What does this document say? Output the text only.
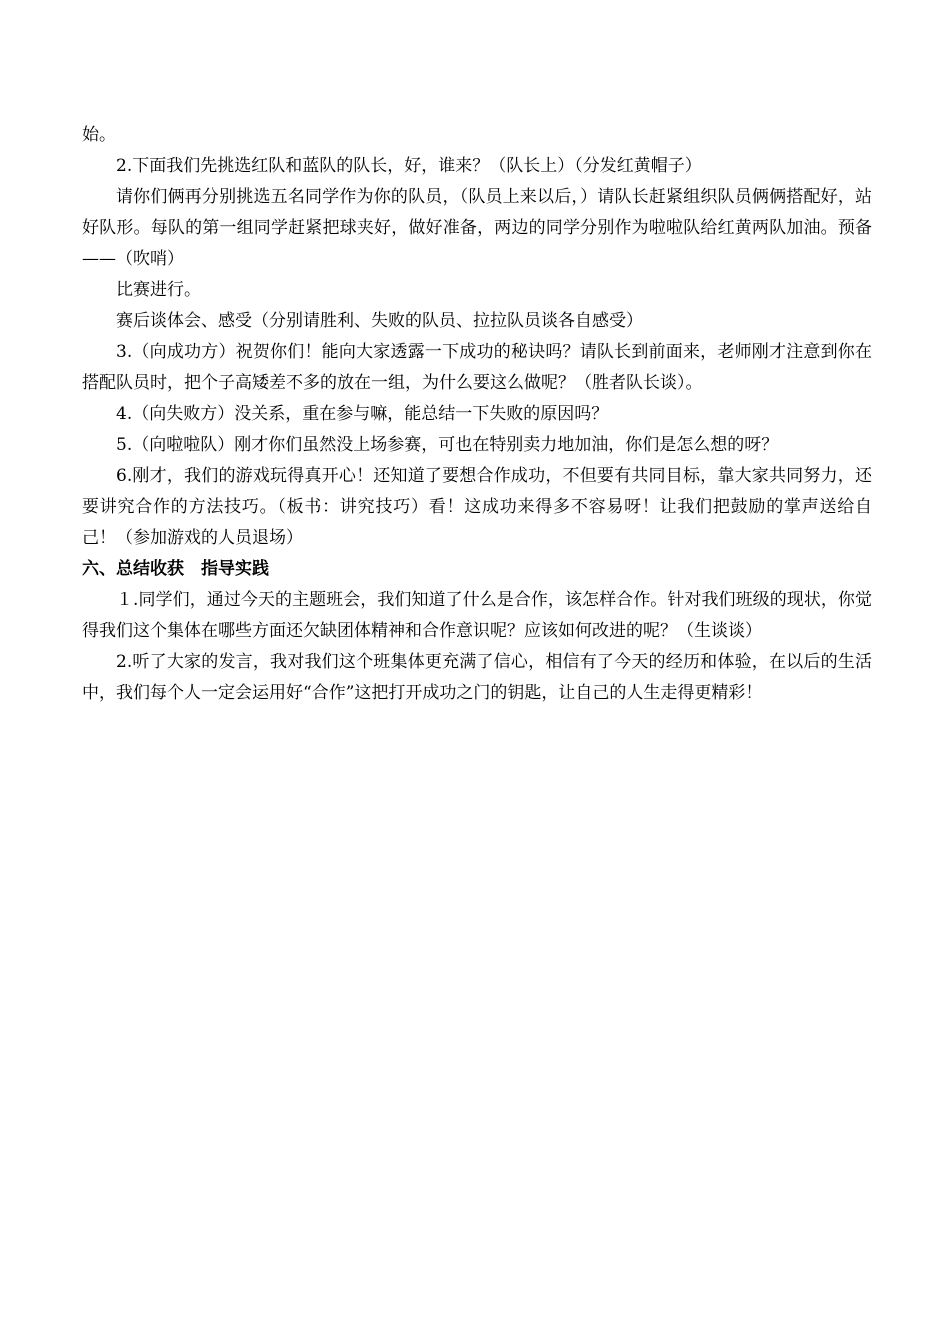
始。

2.下面我们先挑选红队和蓝队的队长，好，谁来？（队长上）（分发红黄帽子）

请你们俩再分别挑选五名同学作为你的队员，（队员上来以后，）请队长赶紧组织队员俩俩搭配好，站好队形。每队的第一组同学赶紧把球夹好，做好准备，两边的同学分别作为啦啦队给红黄两队加油。预备——（吹哨）

比赛进行。

赛后谈体会、感受（分别请胜利、失败的队员、拉拉队员谈各自感受）

3.（向成功方）祝贺你们！能向大家透露一下成功的秘诀吗？请队长到前面来，老师刚才注意到你在搭配队员时，把个子高矮差不多的放在一组，为什么要这么做呢？（胜者队长谈）。

4.（向失败方）没关系，重在参与嘛，能总结一下失败的原因吗？

5.（向啦啦队）刚才你们虽然没上场参赛，可也在特别卖力地加油，你们是怎么想的呀？

6.刚才，我们的游戏玩得真开心！还知道了要想合作成功，不但要有共同目标，靠大家共同努力，还要讲究合作的方法技巧。（板书：讲究技巧）看！这成功来得多不容易呀！让我们把鼓励的掌声送给自己！（参加游戏的人员退场）

六、总结收获　指导实践

１.同学们，通过今天的主题班会，我们知道了什么是合作，该怎样合作。针对我们班级的现状，你觉得我们这个集体在哪些方面还欠缺团体精神和合作意识呢？应该如何改进的呢？（生谈谈）

2.听了大家的发言，我对我们这个班集体更充满了信心，相信有了今天的经历和体验，在以后的生活中，我们每个人一定会运用好“合作”这把打开成功之门的钥匙，让自己的人生走得更精彩！
